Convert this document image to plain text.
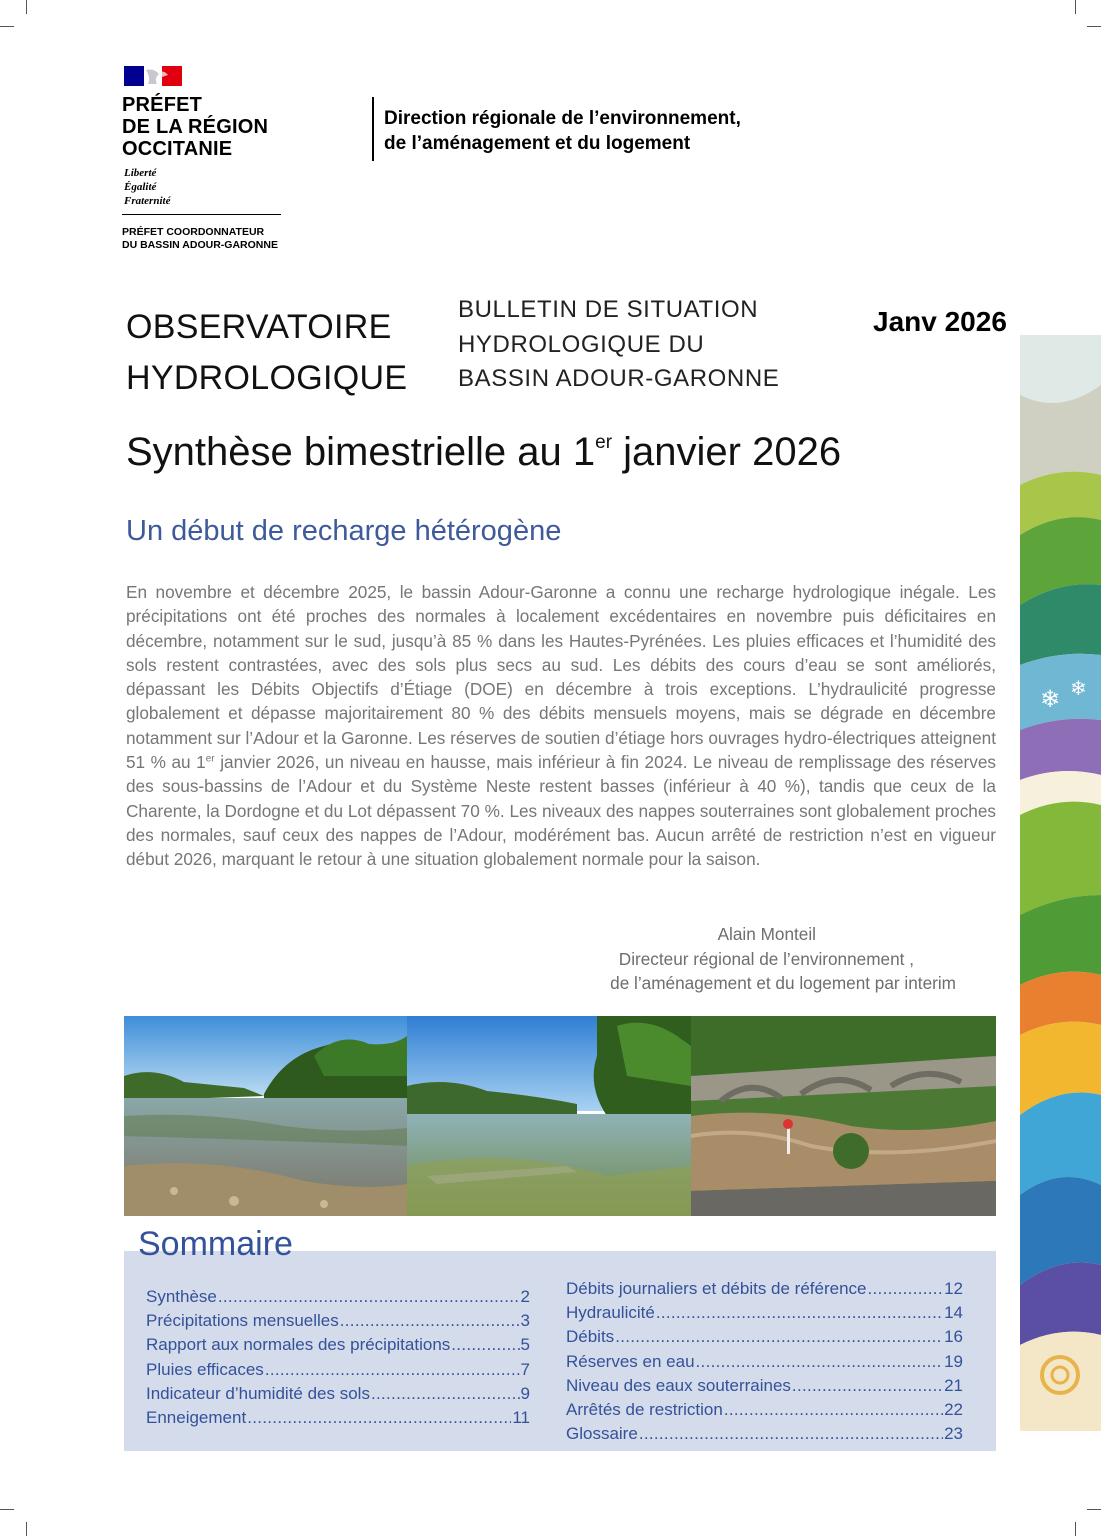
PRÉFET
DE LA RÉGION
OCCITANIE
Liberté
Égalité
Fraternité
PRÉFET COORDONNATEUR
DU BASSIN ADOUR-GARONNE
Direction régionale de l’environnement,
de l’aménagement et du logement
OBSERVATOIRE
HYDROLOGIQUE
BULLETIN DE SITUATION
HYDROLOGIQUE DU
BASSIN ADOUR-GARONNE
Janv 2026
Synthèse bimestrielle au 1er janvier 2026
Un début de recharge hétérogène
En novembre et décembre 2025, le bassin Adour-Garonne a connu une recharge hydrologique inégale. Les précipitations ont été proches des normales à localement excédentaires en novembre puis déficitaires en décembre, notamment sur le sud, jusqu’à 85 % dans les Hautes-Pyrénées. Les pluies efficaces et l’humidité des sols restent contrastées, avec des sols plus secs au sud. Les débits des cours d’eau se sont améliorés, dépassant les Débits Objectifs d’Étiage (DOE) en décembre à trois exceptions. L’hydraulicité progresse globalement et dépasse majoritairement 80 % des débits mensuels moyens, mais se dégrade en décembre notamment sur l’Adour et la Garonne. Les réserves de soutien d’étiage hors ouvrages hydro-électriques atteignent 51 % au 1er janvier 2026, un niveau en hausse, mais inférieur à fin 2024. Le niveau de remplissage des réserves des sous-bassins de l’Adour et du Système Neste restent basses (inférieur à 40 %), tandis que ceux de la Charente, la Dordogne et du Lot dépassent 70 %. Les niveaux des nappes souterraines sont globalement proches des normales, sauf ceux des nappes de l’Adour, modérément bas. Aucun arrêté de restriction n’est en vigueur début 2026, marquant le retour à une situation globalement normale pour la saison.
Alain Monteil
Directeur régional de l’environnement ,
de l’aménagement et du logement par interim
Sommaire
Synthèse .....	2
Précipitations mensuelles .....	3
Rapport aux normales des précipitations .....	5
Pluies efficaces .....	7
Indicateur d’humidité des sols .....	9
Enneigement .....	11
Débits journaliers et débits de référence .....	12
Hydraulicité .....	14
Débits .....	16
Réserves en eau .....	19
Niveau des eaux souterraines .....	21
Arrêtés de restriction .....	22
Glossaire .....	23
❄ ❄
